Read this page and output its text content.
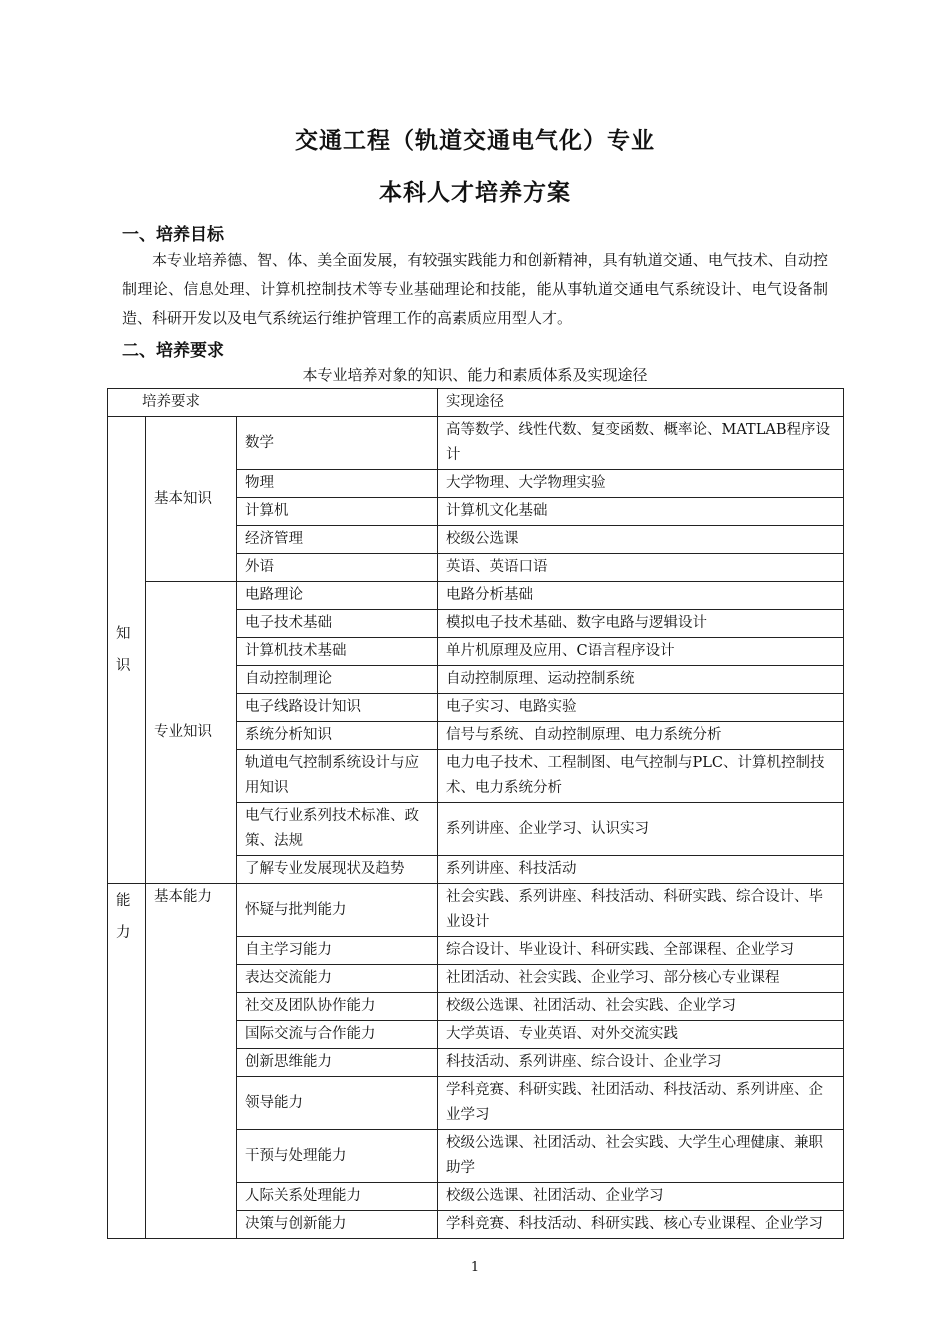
交通工程（轨道交通电气化）专业
本科人才培养方案
一、培养目标
本专业培养德、智、体、美全面发展，有较强实践能力和创新精神，具有轨道交通、电气技术、自动控制理论、信息处理、计算机控制技术等专业基础理论和技能，能从事轨道交通电气系统设计、电气设备制造、科研开发以及电气系统运行维护管理工作的高素质应用型人才。
二、培养要求
本专业培养对象的知识、能力和素质体系及实现途径
培养要求			实现途径

知识	基本知识	数学	高等数学、线性代数、复变函数、概率论、MATLAB程序设计
		物理	大学物理、大学物理实验
		计算机	计算机文化基础
		经济管理	校级公选课
		外语	英语、英语口语
	专业知识	电路理论	电路分析基础
		电子技术基础	模拟电子技术基础、数字电路与逻辑设计
		计算机技术基础	单片机原理及应用、C语言程序设计
		自动控制理论	自动控制原理、运动控制系统
		电子线路设计知识	电子实习、电路实验
		系统分析知识	信号与系统、自动控制原理、电力系统分析
		轨道电气控制系统设计与应用知识	电力电子技术、工程制图、电气控制与PLC、计算机控制技术、电力系统分析
		电气行业系列技术标准、政策、法规	系列讲座、企业学习、认识实习
		了解专业发展现状及趋势	系列讲座、科技活动

能力	基本能力	怀疑与批判能力	社会实践、系列讲座、科技活动、科研实践、综合设计、毕业设计
		自主学习能力	综合设计、毕业设计、科研实践、全部课程、企业学习
		表达交流能力	社团活动、社会实践、企业学习、部分核心专业课程
		社交及团队协作能力	校级公选课、社团活动、社会实践、企业学习
		国际交流与合作能力	大学英语、专业英语、对外交流实践
		创新思维能力	科技活动、系列讲座、综合设计、企业学习
		领导能力	学科竞赛、科研实践、社团活动、科技活动、系列讲座、企业学习
		干预与处理能力	校级公选课、社团活动、社会实践、大学生心理健康、兼职助学
		人际关系处理能力	校级公选课、社团活动、企业学习
		决策与创新能力	学科竞赛、科技活动、科研实践、核心专业课程、企业学习
1
